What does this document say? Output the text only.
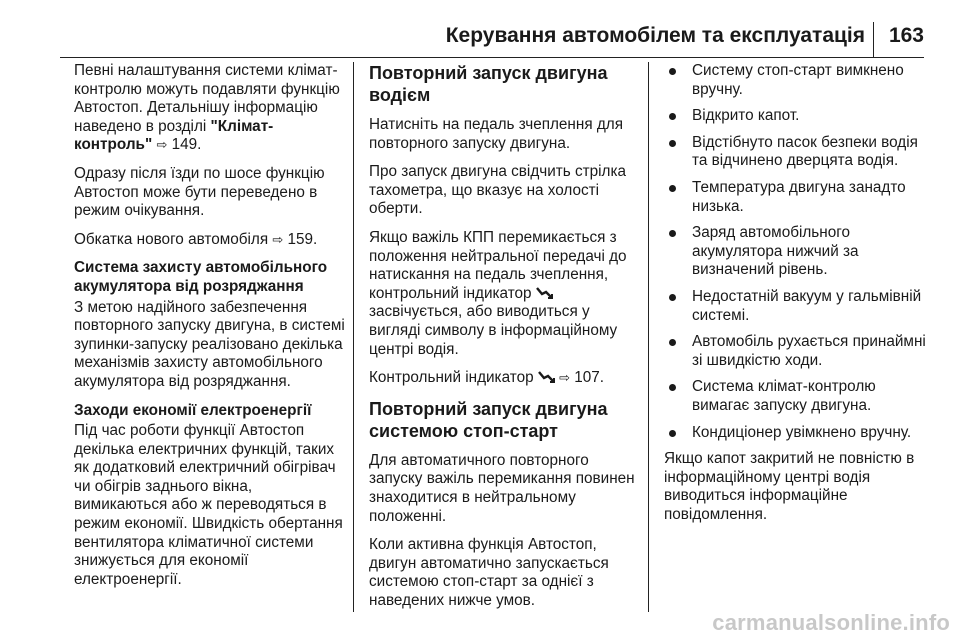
Керування автомобілем та експлуатація 163

Певні налаштування системи клімат-контролю можуть подавляти функцію Автостоп. Детальнішу інформацію наведено в розділі "Клімат-контроль" ⇨ 149.

Одразу після їзди по шосе функцію Автостоп може бути переведено в режим очікування.

Обкатка нового автомобіля ⇨ 159.

Система захисту автомобільного акумулятора від розряджання

З метою надійного забезпечення повторного запуску двигуна, в системі зупинки-запуску реалізовано декілька механізмів захисту автомобільного акумулятора від розряджання.

Заходи економії електроенергії

Під час роботи функції Автостоп декілька електричних функцій, таких як додатковий електричний обігрівач чи обігрів заднього вікна, вимикаються або ж переводяться в режим економії. Швидкість обертання вентилятора кліматичної системи знижується для економії електроенергії.

Повторний запуск двигуна водієм

Натисніть на педаль зчеплення для повторного запуску двигуна.

Про запуск двигуна свідчить стрілка тахометра, що вказує на холості оберти.

Якщо важіль КПП перемикається з положення нейтральної передачі до натискання на педаль зчеплення, контрольний індикатор  засвічується, або виводиться у вигляді символу в інформаційному центрі водія.

Контрольний індикатор ⇨ 107.

Повторний запуск двигуна системою стоп-старт

Для автоматичного повторного запуску важіль перемикання повинен знаходитися в нейтральному положенні.

Коли активна функція Автостоп, двигун автоматично запускається системою стоп-старт за однієї з наведених нижче умов.

Систему стоп-старт вимкнено вручну.
Відкрито капот.
Відстібнуто пасок безпеки водія та відчинено дверцята водія.
Температура двигуна занадто низька.
Заряд автомобільного акумулятора нижчий за визначений рівень.
Недостатній вакуум у гальмівній системі.
Автомобіль рухається принаймні зі швидкістю ходи.
Система клімат-контролю вимагає запуску двигуна.
Кондиціонер увімкнено вручну.

Якщо капот закритий не повністю в інформаційному центрі водія виводиться інформаційне повідомлення.

carmanualsonline.info
